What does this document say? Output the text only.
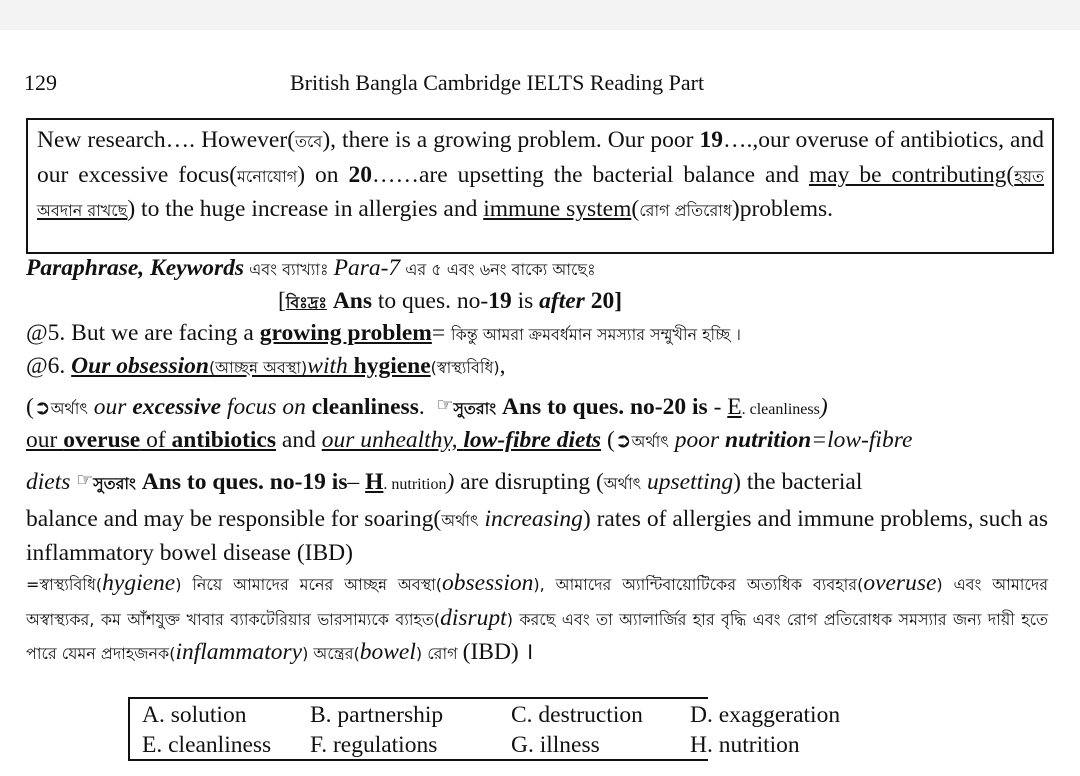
129	British Bangla Cambridge IELTS Reading Part
New research…. However(তবে), there is a growing problem. Our poor 19….,our overuse of antibiotics, and our excessive focus(মনোযোগ) on 20……are upsetting the bacterial balance and may be contributing(হয়ত অবদান রাখছে) to the huge increase in allergies and immune system(রোগ প্রতিরোধ)problems.
Paraphrase, Keywords এবং ব্যাখ্যাঃ Para-7 এর ৫ এবং ৬নং বাক্যে আছেঃ
[বিঃদ্রঃ Ans to ques. no-19 is after 20]
@5. But we are facing a growing problem= কিন্তু আমরা ক্রমবর্ধমান সমস্যার সম্মুখীন হচ্ছি ।
@6. Our obsession(আচ্ছন্ন অবস্থা)with hygiene(স্বাস্থ্যবিধি),
(➲অর্থাৎ our excessive focus on cleanliness. ☞সুতরাং Ans to ques. no-20 is - E. cleanliness)
our overuse of antibiotics and our unhealthy, low-fibre diets (➲অর্থাৎ poor nutrition=low-fibre
diets ☞সুতরাং Ans to ques. no-19 is– H. nutrition) are disrupting (অর্থাৎ upsetting) the bacterial
balance and may be responsible for soaring(অর্থাৎ increasing) rates of allergies and immune problems, such as inflammatory bowel disease (IBD)
=স্বাস্থ্যবিধি(hygiene) নিয়ে আমাদের মনের আচ্ছন্ন অবস্থা(obsession), আমাদের অ্যান্টিবায়োটিকের অত্যধিক ব্যবহার(overuse) এবং আমাদের অস্বাস্থ্যকর, কম আঁশযুক্ত খাবার ব্যাকটেরিয়ার ভারসাম্যকে ব্যাহত(disrupt) করছে এবং তা অ্যালার্জির হার বৃদ্ধি এবং রোগ প্রতিরোধক সমস্যার জন্য দায়ী হতে পারে যেমন প্রদাহজনক(inflammatory) অন্ত্রের(bowel) রোগ (IBD) ।
A. solution	B. partnership	C. destruction D. exaggeration
E. cleanliness F. regulations	G. illness	H. nutrition
